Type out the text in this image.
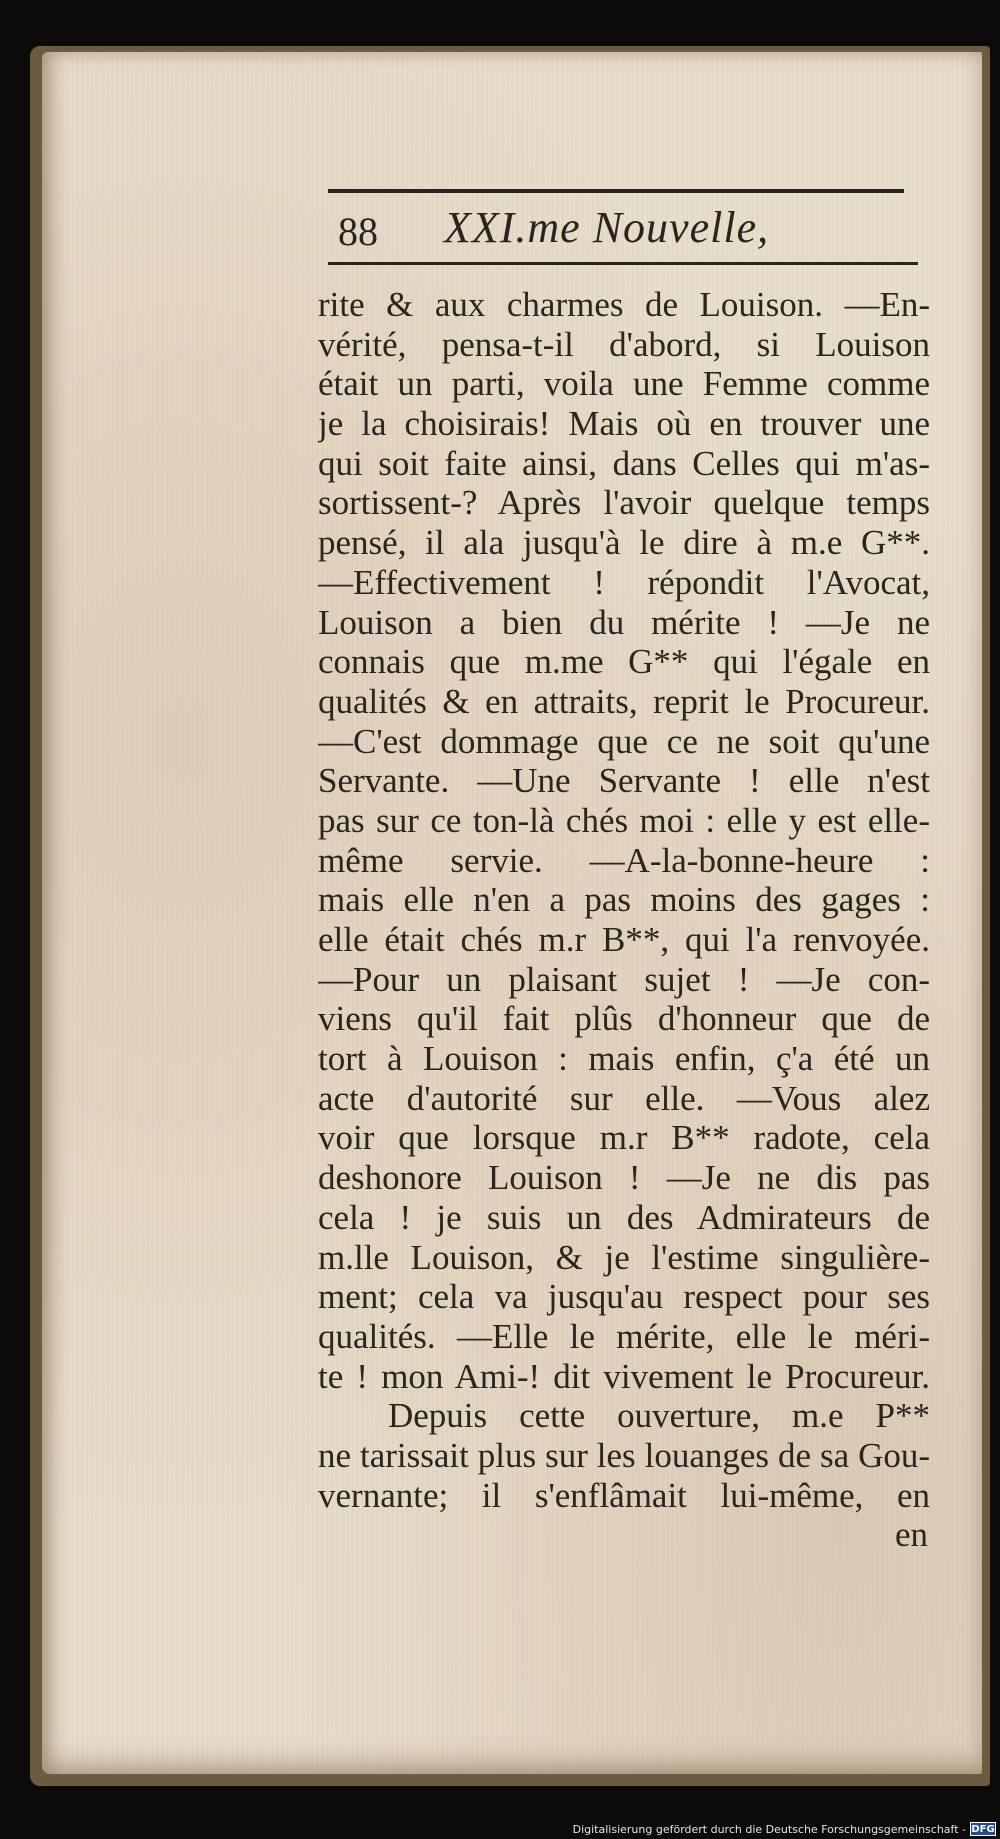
88 XXI.me Nouvelle,
rite & aux charmes de Louison. —En-
vérité, pensa-t-il d'abord, si Louison
était un parti, voila une Femme comme
je la choisirais! Mais où en trouver une
qui soit faite ainsi, dans Celles qui m'as-
sortissent-? Après l'avoir quelque temps
pensé, il ala jusqu'à le dire à m.e G**.
—Effectivement ! répondit l'Avocat,
Louison a bien du mérite ! —Je ne
connais que m.me G** qui l'égale en
qualités & en attraits, reprit le Procureur.
—C'est dommage que ce ne soit qu'une
Servante. —Une Servante ! elle n'est
pas sur ce ton-là chés moi : elle y est elle-
même servie. —A-la-bonne-heure :
mais elle n'en a pas moins des gages :
elle était chés m.r B**, qui l'a renvoyée.
—Pour un plaisant sujet ! —Je con-
viens qu'il fait plûs d'honneur que de
tort à Louison : mais enfin, ç'a été un
acte d'autorité sur elle. —Vous alez
voir que lorsque m.r B** radote, cela
deshonore Louison ! —Je ne dis pas
cela ! je suis un des Admirateurs de
m.lle Louison, & je l'estime singulière-
ment; cela va jusqu'au respect pour ses
qualités. —Elle le mérite, elle le méri-
te ! mon Ami-! dit vivement le Procureur.
Depuis cette ouverture, m.e P**
ne tarissait plus sur les louanges de sa Gou-
vernante; il s'enflâmait lui-même, en
en
Digitalisierung gefördert durch die Deutsche Forschungsgemeinschaft - DFG
